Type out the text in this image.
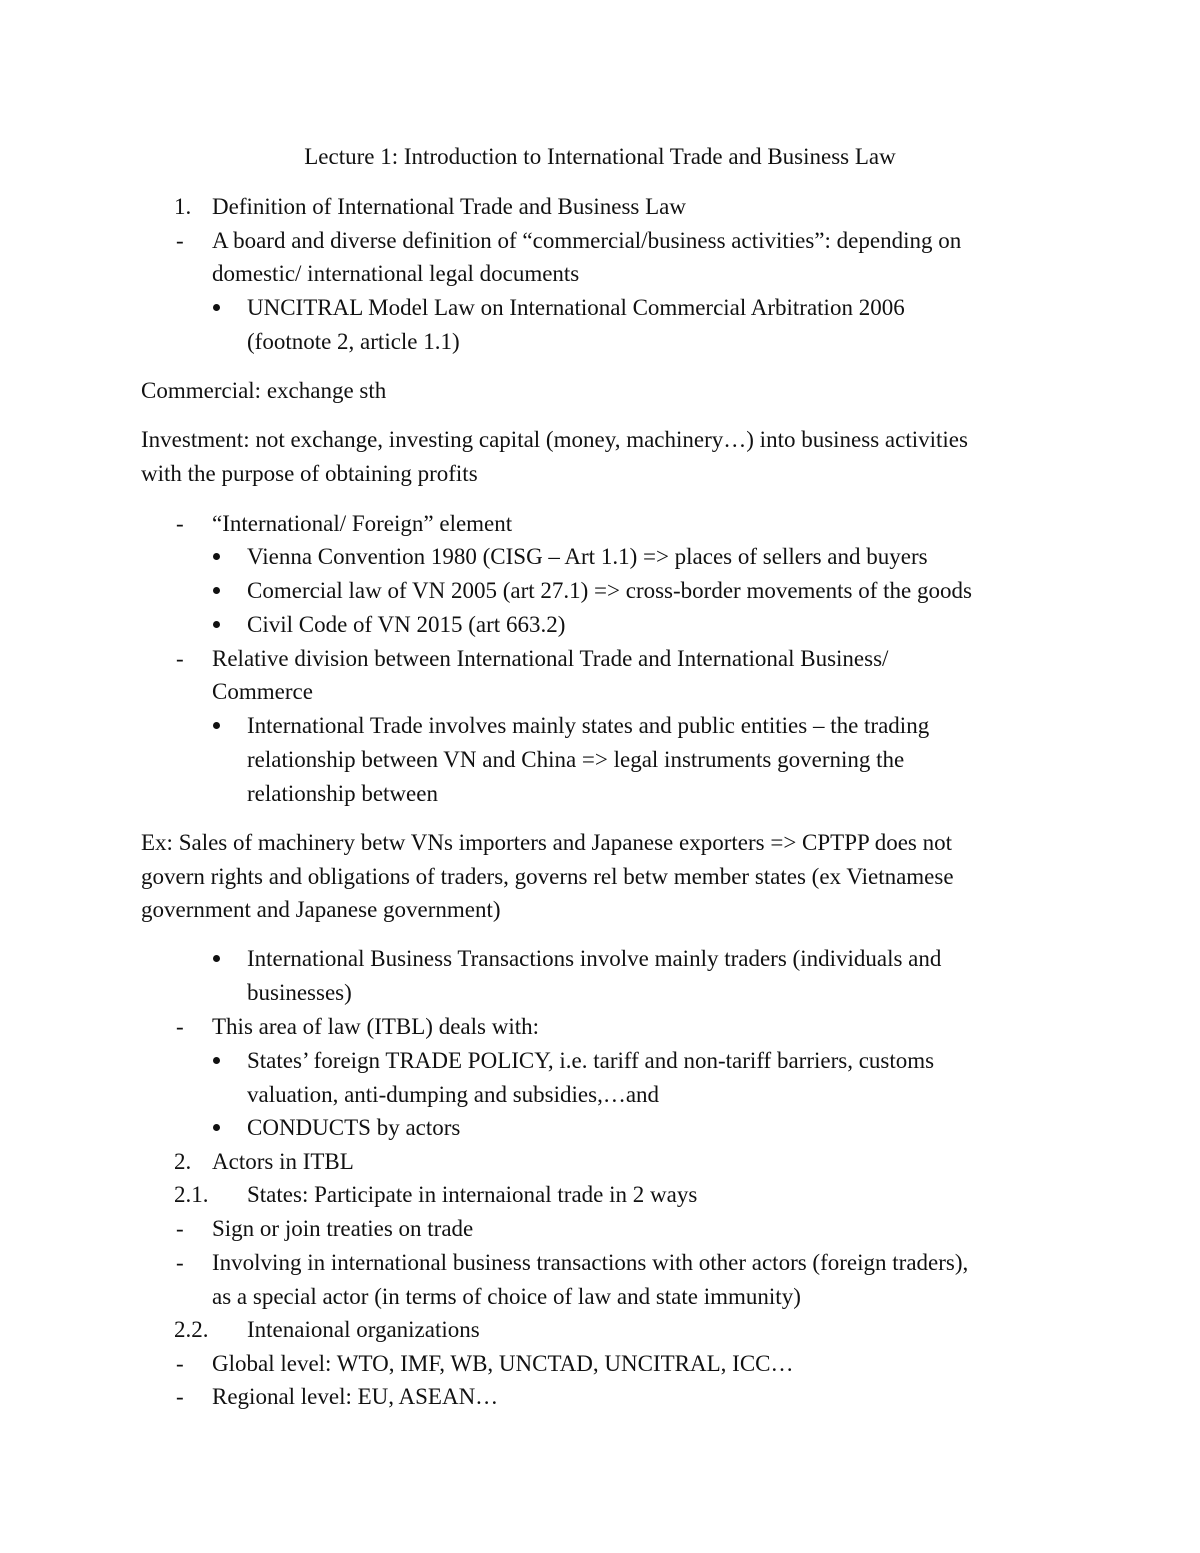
Lecture 1: Introduction to International Trade and Business Law
1. Definition of International Trade and Business Law
- A board and diverse definition of “commercial/business activities”: depending on
domestic/ international legal documents
UNCITRAL Model Law on International Commercial Arbitration 2006
(footnote 2, article 1.1)
Commercial: exchange sth
Investment: not exchange, investing capital (money, machinery…) into business activities
with the purpose of obtaining profits
- “International/ Foreign” element
Vienna Convention 1980 (CISG – Art 1.1) => places of sellers and buyers
Comercial law of VN 2005 (art 27.1) => cross-border movements of the goods
Civil Code of VN 2015 (art 663.2)
- Relative division between International Trade and International Business/
Commerce
International Trade involves mainly states and public entities – the trading
relationship between VN and China => legal instruments governing the
relationship between
Ex: Sales of machinery betw VNs importers and Japanese exporters => CPTPP does not
govern rights and obligations of traders, governs rel betw member states (ex Vietnamese
government and Japanese government)
International Business Transactions involve mainly traders (individuals and
businesses)
- This area of law (ITBL) deals with:
States’ foreign TRADE POLICY, i.e. tariff and non-tariff barriers, customs
valuation, anti-dumping and subsidies,…and
CONDUCTS by actors
2. Actors in ITBL
2.1. States: Participate in internaional trade in 2 ways
- Sign or join treaties on trade
- Involving in international business transactions with other actors (foreign traders),
as a special actor (in terms of choice of law and state immunity)
2.2. Intenaional organizations
- Global level: WTO, IMF, WB, UNCTAD, UNCITRAL, ICC…
- Regional level: EU, ASEAN…
